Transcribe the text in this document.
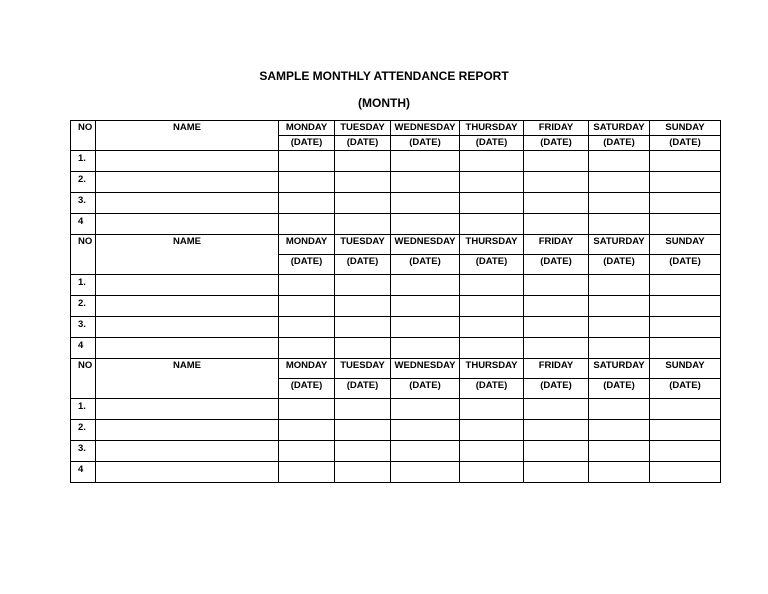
SAMPLE MONTHLY ATTENDANCE REPORT
(MONTH)
NO	NAME	MONDAY	TUESDAY	WEDNESDAY	THURSDAY	FRIDAY	SATURDAY	SUNDAY
		(DATE)	(DATE)	(DATE)	(DATE)	(DATE)	(DATE)	(DATE)
1.								
2.								
3.								
4								
NO	NAME	MONDAY	TUESDAY	WEDNESDAY	THURSDAY	FRIDAY	SATURDAY	SUNDAY
		(DATE)	(DATE)	(DATE)	(DATE)	(DATE)	(DATE)	(DATE)
1.								
2.								
3.								
4								
NO	NAME	MONDAY	TUESDAY	WEDNESDAY	THURSDAY	FRIDAY	SATURDAY	SUNDAY
		(DATE)	(DATE)	(DATE)	(DATE)	(DATE)	(DATE)	(DATE)
1.								
2.								
3.								
4								
